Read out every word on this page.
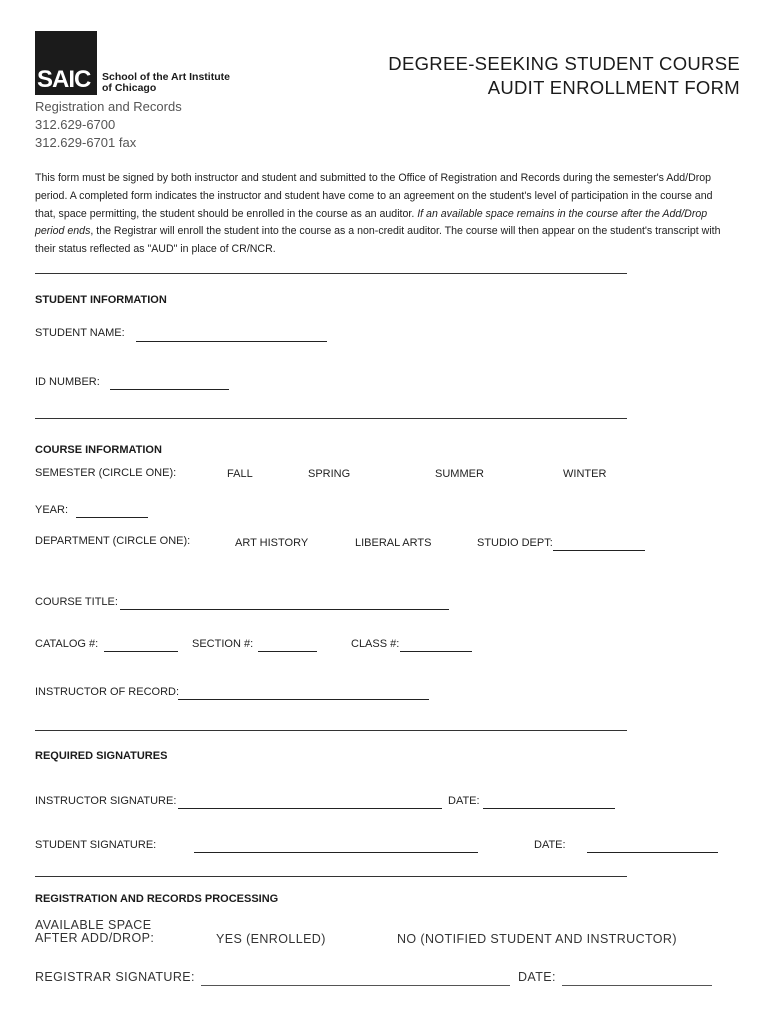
SAIC School of the Art Institute
of Chicago
DEGREE-SEEKING STUDENT COURSE
AUDIT ENROLLMENT FORM
Registration and Records
312.629-6700
312.629-6701 fax
This form must be signed by both instructor and student and submitted to the Office of Registration and Records during the semester's Add/Drop period. A completed form indicates the instructor and student have come to an agreement on the student's level of participation in the course and that, space permitting, the student should be enrolled in the course as an auditor. If an available space remains in the course after the Add/Drop period ends, the Registrar will enroll the student into the course as a non-credit auditor. The course will then appear on the student's transcript with their status reflected as "AUD" in place of CR/NCR.
STUDENT INFORMATION
STUDENT NAME:
ID NUMBER:
COURSE INFORMATION
SEMESTER (CIRCLE ONE):	FALL	SPRING	SUMMER	WINTER
YEAR:
DEPARTMENT (CIRCLE ONE):	ART HISTORY	LIBERAL ARTS	STUDIO DEPT:
COURSE TITLE:
CATALOG #:	SECTION #:	CLASS #:
INSTRUCTOR OF RECORD:
REQUIRED SIGNATURES
INSTRUCTOR SIGNATURE:	DATE:
STUDENT SIGNATURE:	DATE:
REGISTRATION AND RECORDS PROCESSING
AVAILABLE SPACE
AFTER ADD/DROP:	YES (ENROLLED)	NO (NOTIFIED STUDENT AND INSTRUCTOR)
REGISTRAR SIGNATURE:	DATE:
